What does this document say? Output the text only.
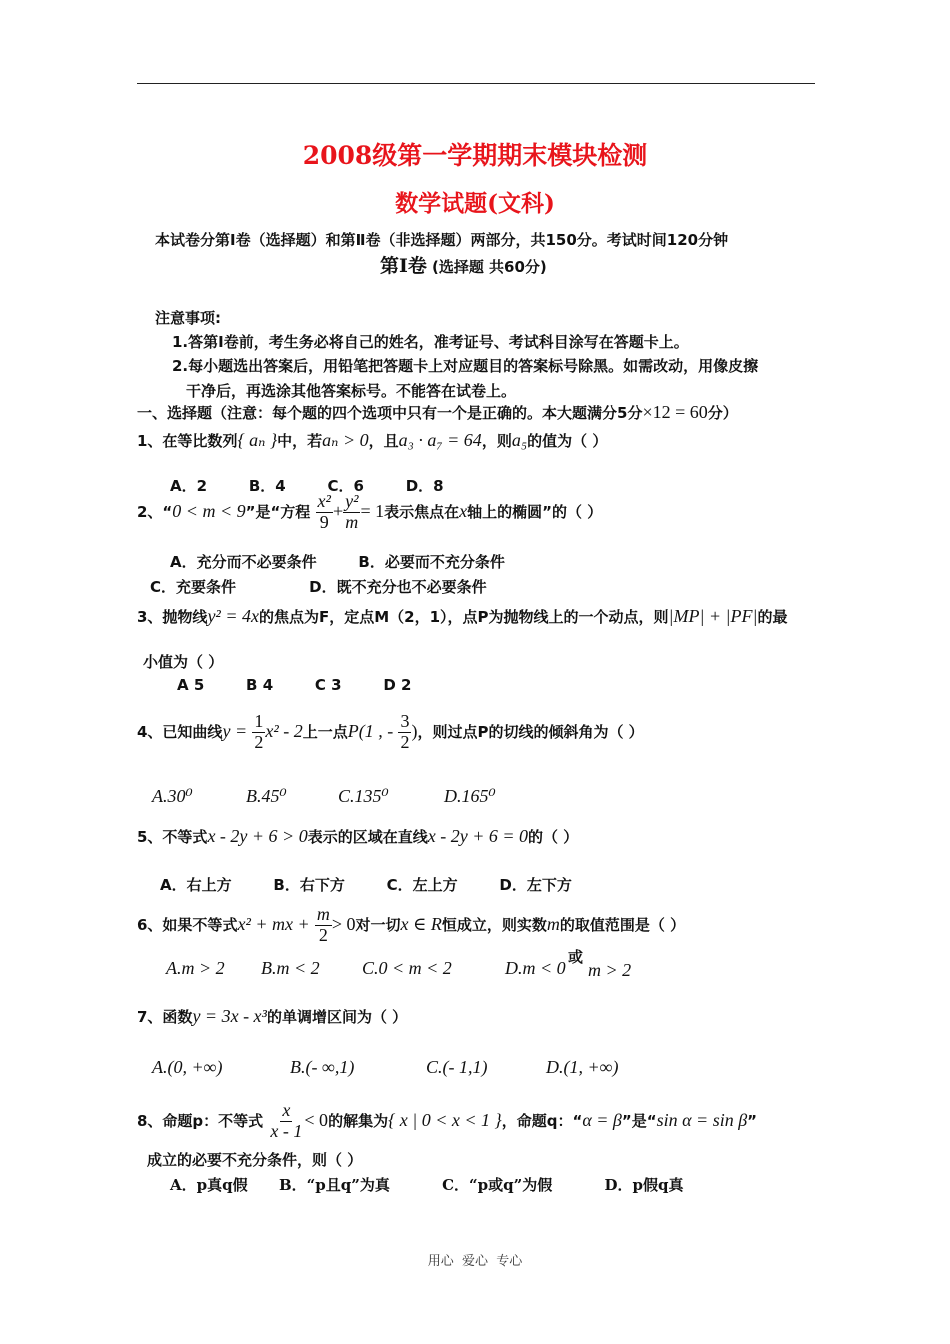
2008级第一学期期末模块检测
数学试题(文科)
本试卷分第Ⅰ卷（选择题）和第Ⅱ卷（非选择题）两部分，共150分。考试时间120分钟
第Ⅰ卷 (选择题 共60分)
注意事项:
1.答第Ⅰ卷前，考生务必将自己的姓名，准考证号、考试科目涂写在答题卡上。
2.每小题选出答案后，用铅笔把答题卡上对应题目的答案标号除黑。如需改动，用像皮擦
干净后，再选涂其他答案标号。不能答在试卷上。
一、选择题（注意：每个题的四个选项中只有一个是正确的。本大题满分5分×12 = 60分）
1、在等比数列{ aₙ }中，若aₙ > 0，且a₃ · a₇ = 64，则a₅的值为（ ）
A．2        B．4        C．6        D．8
2、“0 < m < 9”是“方程 $\frac{\text{x²}}{9} + \frac{\text{y²}}{m} = 1$表示焦点在x轴上的椭圆”的（ ）
A．充分而不必要条件        B．必要而不充分条件
C．充要条件              D．既不充分也不必要条件
3、抛物线y² = 4x的焦点为F，定点M（2，1），点P为抛物线上的一个动点，则|MP| + |PF|的最
小值为（ ）
A 5        B 4        C 3        D 2
4、已知曲线$y = \frac{1}{2} x^2 - 2$上一点P(1 , - $\frac{3}{2}$ )，则过点P的切线的倾斜角为（ ）
A.30⁰	B.45⁰	C.135⁰	D.165⁰
5、不等式x - 2y + 6 > 0表示的区域在直线x - 2y + 6 = 0的（ ）
A．右上方        B．右下方        C．左上方        D．左下方
6、如果不等式x² + mx + $\frac{m}{2} > 0$对一切x ∈ R恒成立，则实数m的取值范围是（ ）
A.m > 2 B.m < 2 C.0 < m < 2	D.m < 0
或
m > 2
7、函数y = 3x - x³的单调增区间为（ ）
A.(0, +∞)	B.(- ∞,1)	C.(- 1,1)	D.(1, +∞)
8、命题p：不等式 $\frac{x}{x - 1} < 0$的解集为{ x | 0 < x < 1 }，命题q：“α = β”是“sin α = sin β”
成立的必要不充分条件，则（ ）
A．p真q假      B．“p且q”为真          C．“p或q”为假          D．p假q真
用心  爱心  专心
